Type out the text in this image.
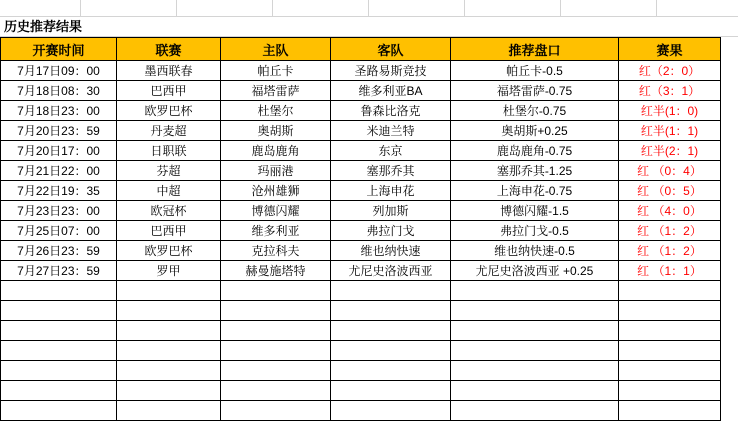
历史推荐结果
开赛时间	联赛	主队	客队	推荐盘口	赛果
7月17日09：00	墨西联春	帕丘卡	圣路易斯竞技	帕丘卡-0.5	红（2：0）
7月18日08：30	巴西甲	福塔雷萨	维多利亚BA	福塔雷萨-0.75	红（3：1）
7月18日23：00	欧罗巴杯	杜堡尔	鲁森比洛克	杜堡尔-0.75	红半(1：0)
7月20日23：59	丹麦超	奥胡斯	米迪兰特	奥胡斯+0.25	红半(1：1)
7月20日17：00	日职联	鹿岛鹿角	东京	鹿岛鹿角-0.75	红半(2：1)
7月21日22：00	芬超	玛丽港	塞那乔其	塞那乔其-1.25	红 （0：4）
7月22日19：35	中超	沧州雄狮	上海申花	上海申花-0.75	红 （0：5）
7月23日23：00	欧冠杯	博德闪耀	列加斯	博德闪耀-1.5	红 （4：0）
7月25日07：00	巴西甲	维多利亚	弗拉门戈	弗拉门戈-0.5	红 （1：2）
7月26日23：59	欧罗巴杯	克拉科夫	维也纳快速	维也纳快速-0.5	红 （1：2）
7月27日23：59	罗甲	赫曼施塔特	尤尼史洛波西亚	尤尼史洛波西亚 +0.25	红 （1：1）
